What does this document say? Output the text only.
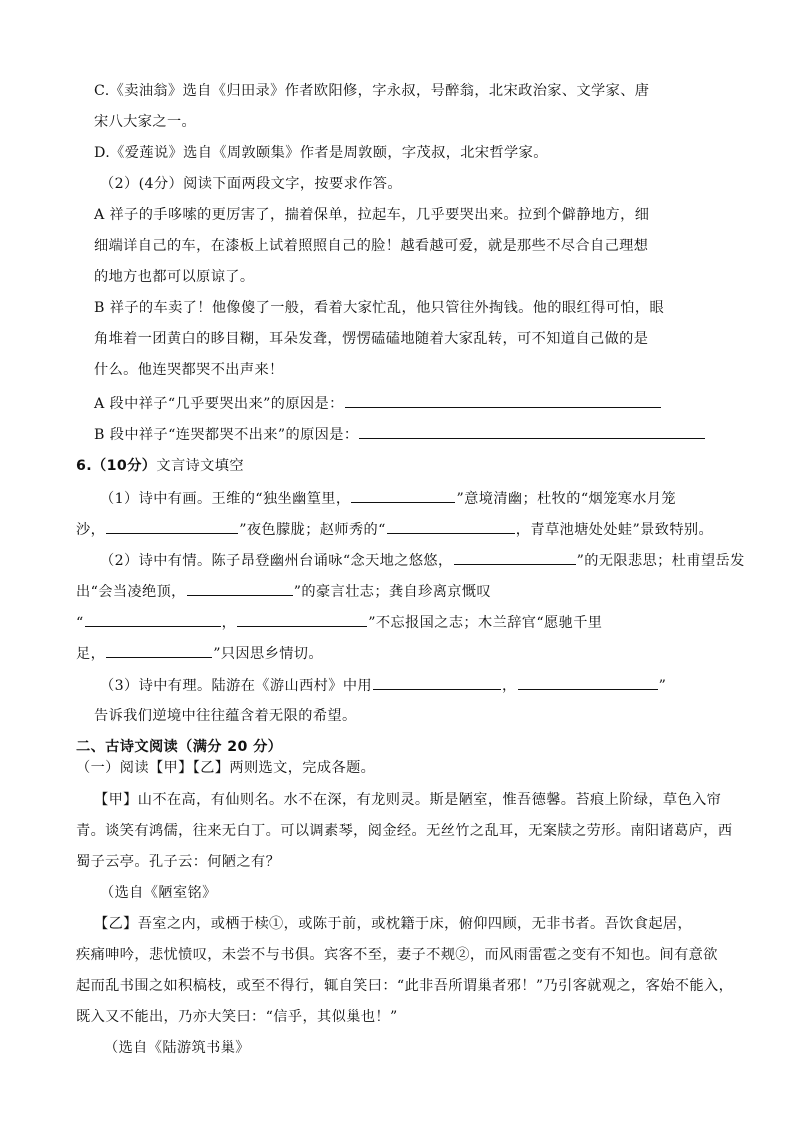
C.《卖油翁》选自《归田录》作者欧阳修，字永叔，号醉翁，北宋政治家、文学家、唐
宋八大家之一。
D.《爱莲说》选自《周敦颐集》作者是周敦颐，字茂叔，北宋哲学家。
（2）(4分）阅读下面两段文字，按要求作答。
A 祥子的手哆嗦的更厉害了，揣着保单，拉起车，几乎要哭出来。拉到个僻静地方，细
细端详自己的车，在漆板上试着照照自己的脸！越看越可爱，就是那些不尽合自己理想
的地方也都可以原谅了。
B 祥子的车卖了！他像傻了一般，看着大家忙乱，他只管往外掏钱。他的眼红得可怕，眼
角堆着一团黄白的眵目糊，耳朵发聋，愣愣磕磕地随着大家乱转，可不知道自己做的是
什么。他连哭都哭不出声来！
A 段中祥子“几乎要哭出来”的原因是：
B 段中祥子“连哭都哭不出来”的原因是：
6.（10分）文言诗文填空
（1）诗中有画。王维的“独坐幽篁里，	”意境清幽；杜牧的“烟笼寒水月笼
沙，	”夜色朦胧；赵师秀的“	，青草池塘处处蛙”景致特别。
（2）诗中有情。陈子昂登幽州台诵咏“念天地之悠悠，	”的无限悲思；杜甫望岳发
出“会当凌绝顶，	”的豪言壮志；龚自珍离京慨叹
“	，	”不忘报国之志；木兰辞官“愿驰千里
足，	”只因思乡情切。
（3）诗中有理。陆游在《游山西村》中用	，	”
告诉我们逆境中往往蕴含着无限的希望。
二、古诗文阅读（满分 20 分）
（一）阅读【甲】【乙】两则选文，完成各题。
【甲】山不在高，有仙则名。水不在深，有龙则灵。斯是陋室，惟吾德馨。苔痕上阶绿，草色入帘
青。谈笑有鸿儒，往来无白丁。可以调素琴，阅金经。无丝竹之乱耳，无案牍之劳形。南阳诸葛庐，西
蜀子云亭。孔子云：何陋之有？
（选自《陋室铭》
【乙】吾室之内，或栖于椟①，或陈于前，或枕籍于床，俯仰四顾，无非书者。吾饮食起居，
疾痛呻吟，悲忧愤叹，未尝不与书俱。宾客不至，妻子不觌②，而风雨雷雹之变有不知也。间有意欲
起而乱书围之如积槁枝，或至不得行，辄自笑曰：“此非吾所谓巢者邪！”乃引客就观之，客始不能入，
既入又不能出，乃亦大笑曰：“信乎，其似巢也！”
（选自《陆游筑书巢》
